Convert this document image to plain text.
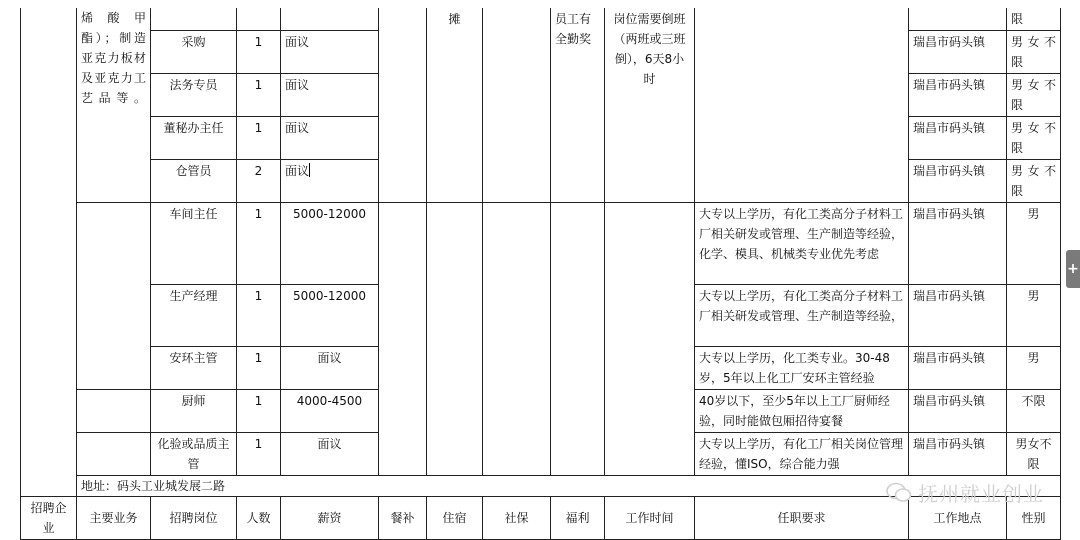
	烯酸甲酯）；制造亚克力板材及亚克力工艺品等。					摊		员工有全勤奖	岗位需要倒班（两班或三班倒），6天8小时			限
		采购	1	面议							瑞昌市码头镇	男女不限
		法务专员	1	面议							瑞昌市码头镇	男女不限
		董秘办主任	1	面议							瑞昌市码头镇	男女不限
		仓管员	2	面议							瑞昌市码头镇	男女不限
		车间主任	1	5000-12000						大专以上学历，有化工类高分子材料工厂相关研发或管理、生产制造等经验，化学、模具、机械类专业优先考虑	瑞昌市码头镇	男
		生产经理	1	5000-12000						大专以上学历，有化工类高分子材料工厂相关研发或管理、生产制造等经验，	瑞昌市码头镇	男
		安环主管	1	面议						大专以上学历，化工类专业。30-48岁，5年以上化工厂安环主管经验	瑞昌市码头镇	男
		厨师	1	4000-4500						40岁以下，至少5年以上工厂厨师经验，同时能做包厢招待宴餐	瑞昌市码头镇	不限
		化验或品质主管	1	面议						大专以上学历，有化工厂相关岗位管理经验，懂ISO，综合能力强	瑞昌市码头镇	男女不限
	地址：码头工业城发展二路											
招聘企业	主要业务	招聘岗位	人数	薪资	餐补	住宿	社保	福利	工作时间	任职要求	工作地点	性别
抚州就业创业
+
